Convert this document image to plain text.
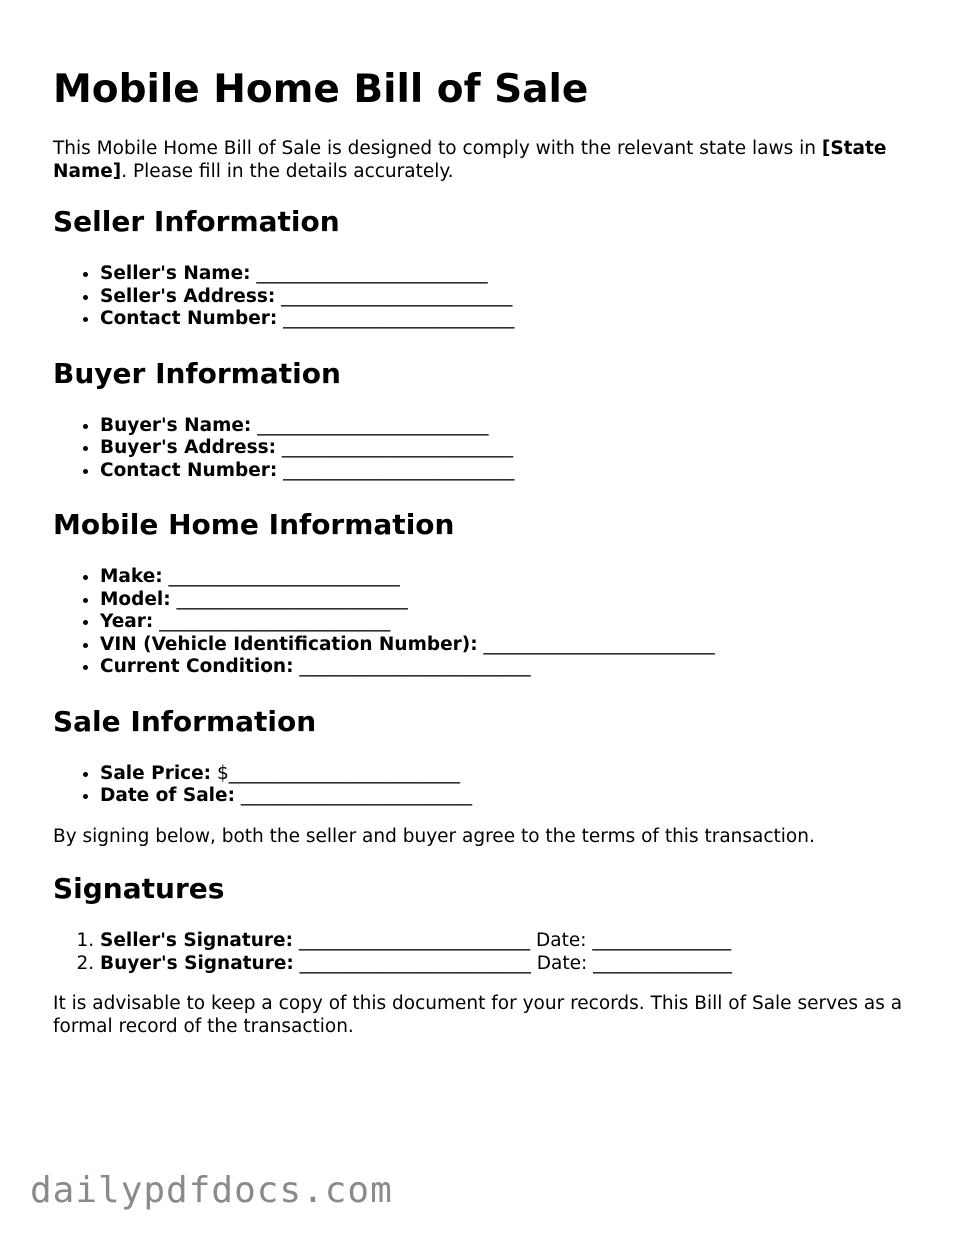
Mobile Home Bill of Sale

This Mobile Home Bill of Sale is designed to comply with the relevant state laws in [State Name]. Please fill in the details accurately.

Seller Information
• Seller's Name: _________________________
• Seller's Address: _________________________
• Contact Number: _________________________
Buyer Information
• Buyer's Name: _________________________
• Buyer's Address: _________________________
• Contact Number: _________________________
Mobile Home Information
• Make: _________________________
• Model: _________________________
• Year: _________________________
• VIN (Vehicle Identification Number): _________________________
• Current Condition: _________________________
Sale Information
• Sale Price: $_________________________
• Date of Sale: _________________________

By signing below, both the seller and buyer agree to the terms of this transaction.

Signatures
1. Seller's Signature: _________________________ Date: _______________
2. Buyer's Signature: _________________________ Date: _______________

It is advisable to keep a copy of this document for your records. This Bill of Sale serves as a formal record of the transaction.

dailypdfdocs.com
